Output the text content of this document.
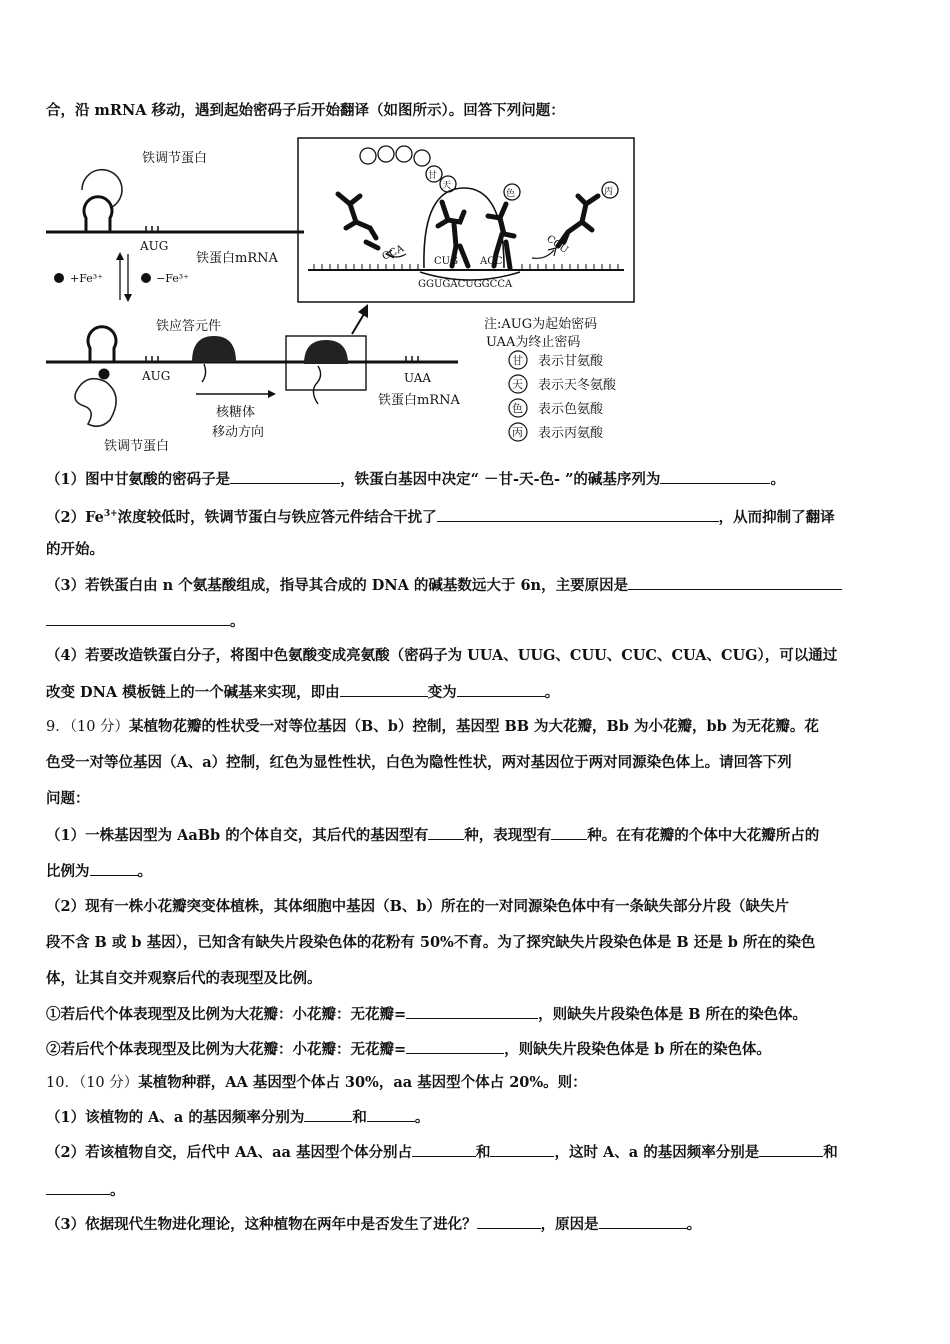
合，沿 mRNA 移动，遇到起始密码子后开始翻译（如图所示）。回答下列问题：
铁调节蛋白
AUG
铁蛋白mRNA
+Fe³⁺	−Fe³⁺
铁应答元件
AUG	UAA
铁蛋白mRNA
铁调节蛋白
核糖体
移动方向
甘
天
色	丙
CCA	CCU
CUG ACC
GGUGACUGGCCA
注:AUG为起始密码
UAA为终止密码
甘 表示甘氨酸
天 表示天冬氨酸
色 表示色氨酸
丙 表示丙氨酸
（1）图中甘氨酸的密码子是	，铁蛋白基因中决定“ －甘-天-色- ”的碱基序列为	。
$(2)Fe^{3+}$浓度较低时，铁调节蛋白与铁应答元件结合干扰了	，从而抑制了翻译
的开始。
（3）若铁蛋白由 n 个氨基酸组成，指导其合成的 DNA 的碱基数远大于 6n，主要原因是
。
（4）若要改造铁蛋白分子，将图中色氨酸变成亮氨酸（密码子为 UUA、UUG、CUU、CUC、CUA、CUG），可以通过
改变 DNA 模板链上的一个碱基来实现，即由	变为	。
9．（10 分）某植物花瓣的性状受一对等位基因（B、b）控制，基因型 BB 为大花瓣，Bb 为小花瓣，bb 为无花瓣。花
色受一对等位基因（A、a）控制，红色为显性性状，白色为隐性性状，两对基因位于两对同源染色体上。请回答下列
问题：
（1）一株基因型为 AaBb 的个体自交，其后代的基因型有 种，表现型有 种。在有花瓣的个体中大花瓣所占的
比例为	。
（2）现有一株小花瓣突变体植株，其体细胞中基因（B、b）所在的一对同源染色体中有一条缺失部分片段（缺失片
段不含 B 或 b 基因），已知含有缺失片段染色体的花粉有 50%不育。为了探究缺失片段染色体是 B 还是 b 所在的染色
体，让其自交并观察后代的表现型及比例。
①若后代个体表现型及比例为大花瓣：小花瓣：无花瓣=	，则缺失片段染色体是 B 所在的染色体。
②若后代个体表现型及比例为大花瓣：小花瓣：无花瓣=	，则缺失片段染色体是 b 所在的染色体。
10．（10 分）某植物种群，AA 基因型个体占 30%，aa 基因型个体占 20%。则：
（1）该植物的 A、a 的基因频率分别为	和	。
（2）若该植物自交，后代中 AA、aa 基因型个体分别占	和	，这时 A、a 的基因频率分别是	和
。
（3）依据现代生物进化理论，这种植物在两年中是否发生了进化？	，原因是	。
